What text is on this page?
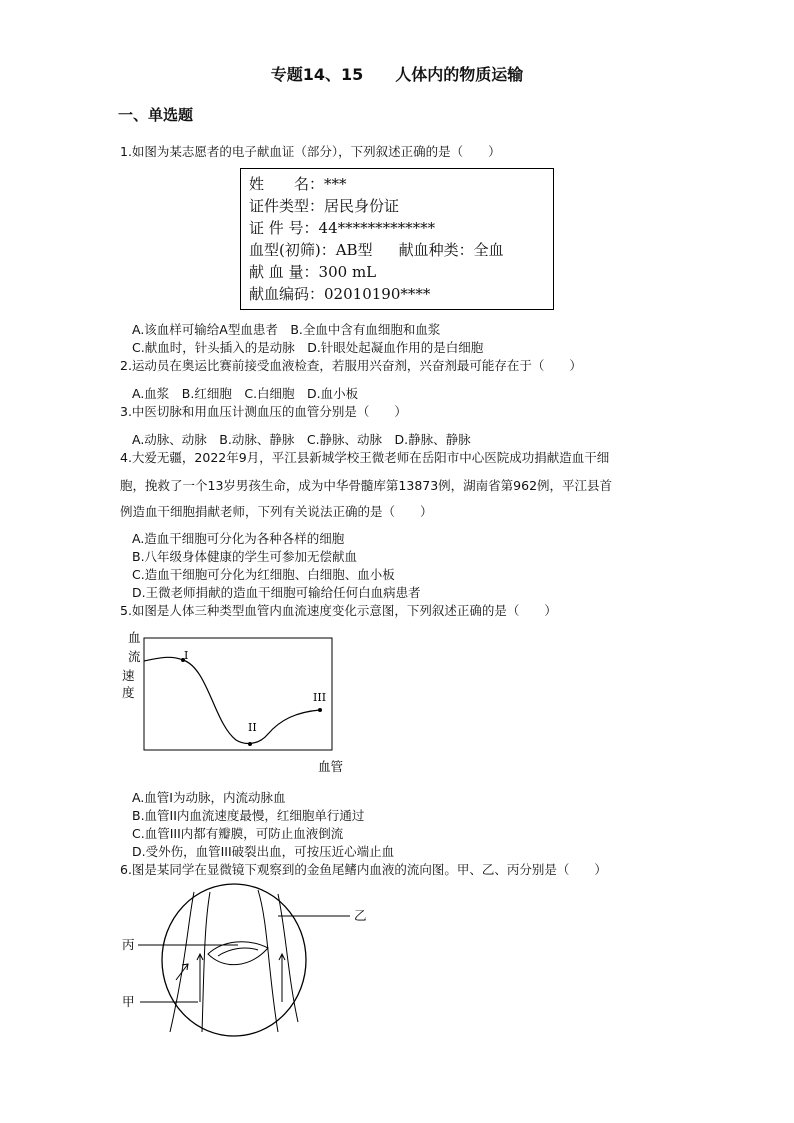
专题14、15　　人体内的物质运输
一、单选题
1.如图为某志愿者的电子献血证（部分），下列叙述正确的是（　　）
姓　　名：***
证件类型：居民身份证
证 件 号：44*************
血型(初筛)：AB型 献血种类：全血
献 血 量：300 mL
献血编码：02010190****
A.该血样可输给A型血患者　B.全血中含有血细胞和血浆
C.献血时，针头插入的是动脉　D.针眼处起凝血作用的是白细胞
2.运动员在奥运比赛前接受血液检查，若服用兴奋剂，兴奋剂最可能存在于（　　）
A.血浆　B.红细胞　C.白细胞　D.血小板
3.中医切脉和用血压计测血压的血管分别是（　　）
A.动脉、动脉　B.动脉、静脉　C.静脉、动脉　D.静脉、静脉
4.大爱无疆，2022年9月，平江县新城学校王微老师在岳阳市中心医院成功捐献造血干细
胞，挽救了一个13岁男孩生命，成为中华骨髓库第13873例，湖南省第962例，平江县首
例造血干细胞捐献老师，下列有关说法正确的是（　　）
A.造血干细胞可分化为各种各样的细胞
B.八年级身体健康的学生可参加无偿献血
C.造血干细胞可分化为红细胞、白细胞、血小板
D.王微老师捐献的造血干细胞可输给任何白血病患者
5.如图是人体三种类型血管内血流速度变化示意图，下列叙述正确的是（　　）
血
流
速
度
I
II
III
血管
A.血管I为动脉，内流动脉血
B.血管II内血流速度最慢，红细胞单行通过
C.血管III内都有瓣膜，可防止血液倒流
D.受外伤，血管III破裂出血，可按压近心端止血
6.图是某同学在显微镜下观察到的金鱼尾鳍内血液的流向图。甲、乙、丙分别是（　　）
乙
丙
甲
